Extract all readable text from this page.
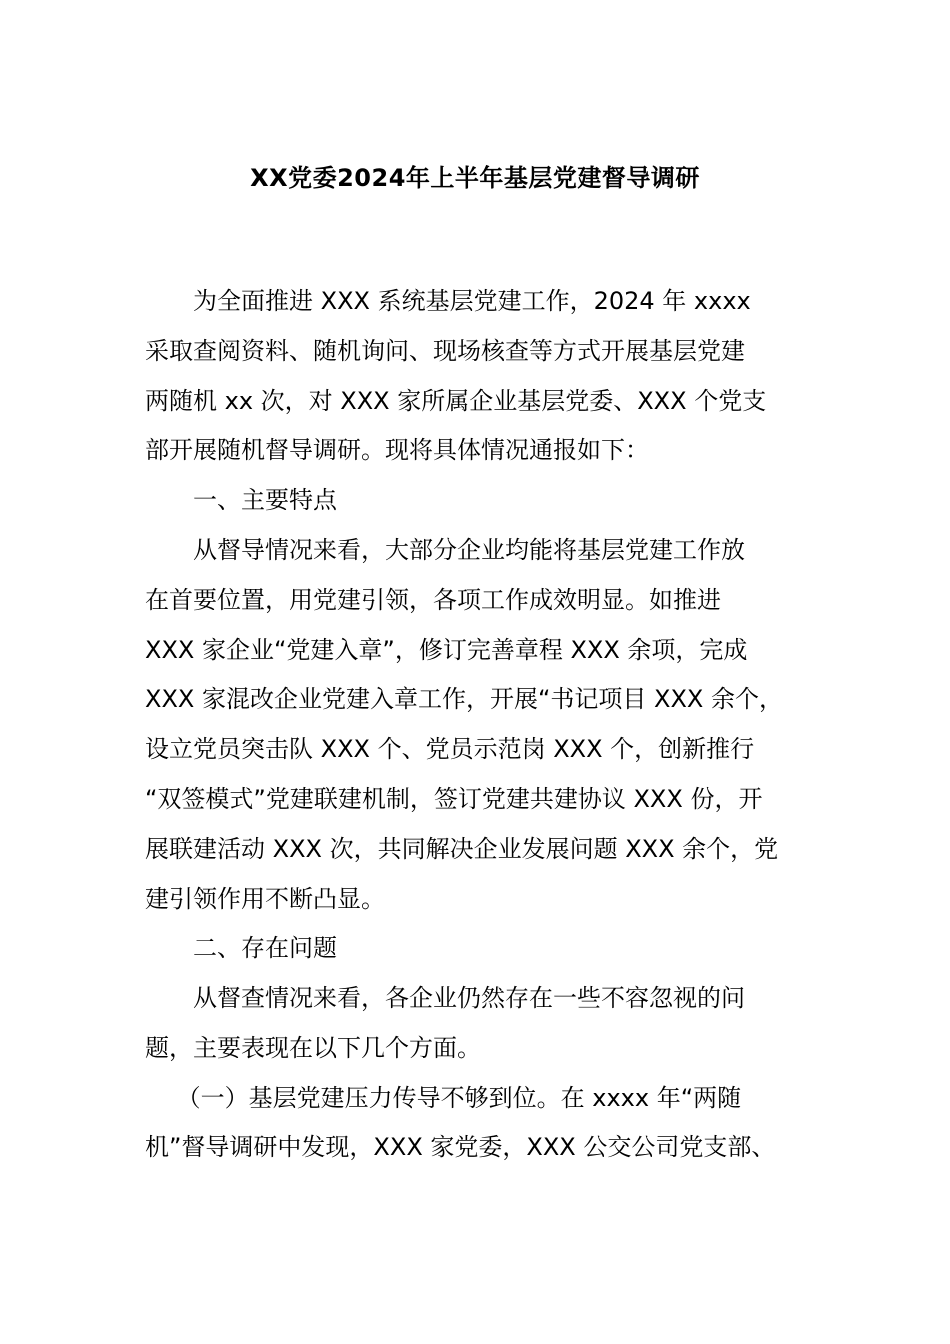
XX党委2024年上半年基层党建督导调研
　　为全面推进 XXX 系统基层党建工作，2024 年 xxxx
采取查阅资料、随机询问、现场核查等方式开展基层党建
两随机 xx 次，对 XXX 家所属企业基层党委、XXX 个党支
部开展随机督导调研。现将具体情况通报如下：
　　一、主要特点
　　从督导情况来看，大部分企业均能将基层党建工作放
在首要位置，用党建引领，各项工作成效明显。如推进
XXX 家企业“党建入章”，修订完善章程 XXX 余项，完成
XXX 家混改企业党建入章工作，开展“书记项目 XXX 余个，
设立党员突击队 XXX 个、党员示范岗 XXX 个，创新推行
“双签模式”党建联建机制，签订党建共建协议 XXX 份，开
展联建活动 XXX 次，共同解决企业发展问题 XXX 余个，党
建引领作用不断凸显。
　　二、存在问题
　　从督查情况来看，各企业仍然存在一些不容忽视的问
题，主要表现在以下几个方面。
　 （一）基层党建压力传导不够到位。在 xxxx 年“两随
机”督导调研中发现，XXX 家党委，XXX 公交公司党支部、
